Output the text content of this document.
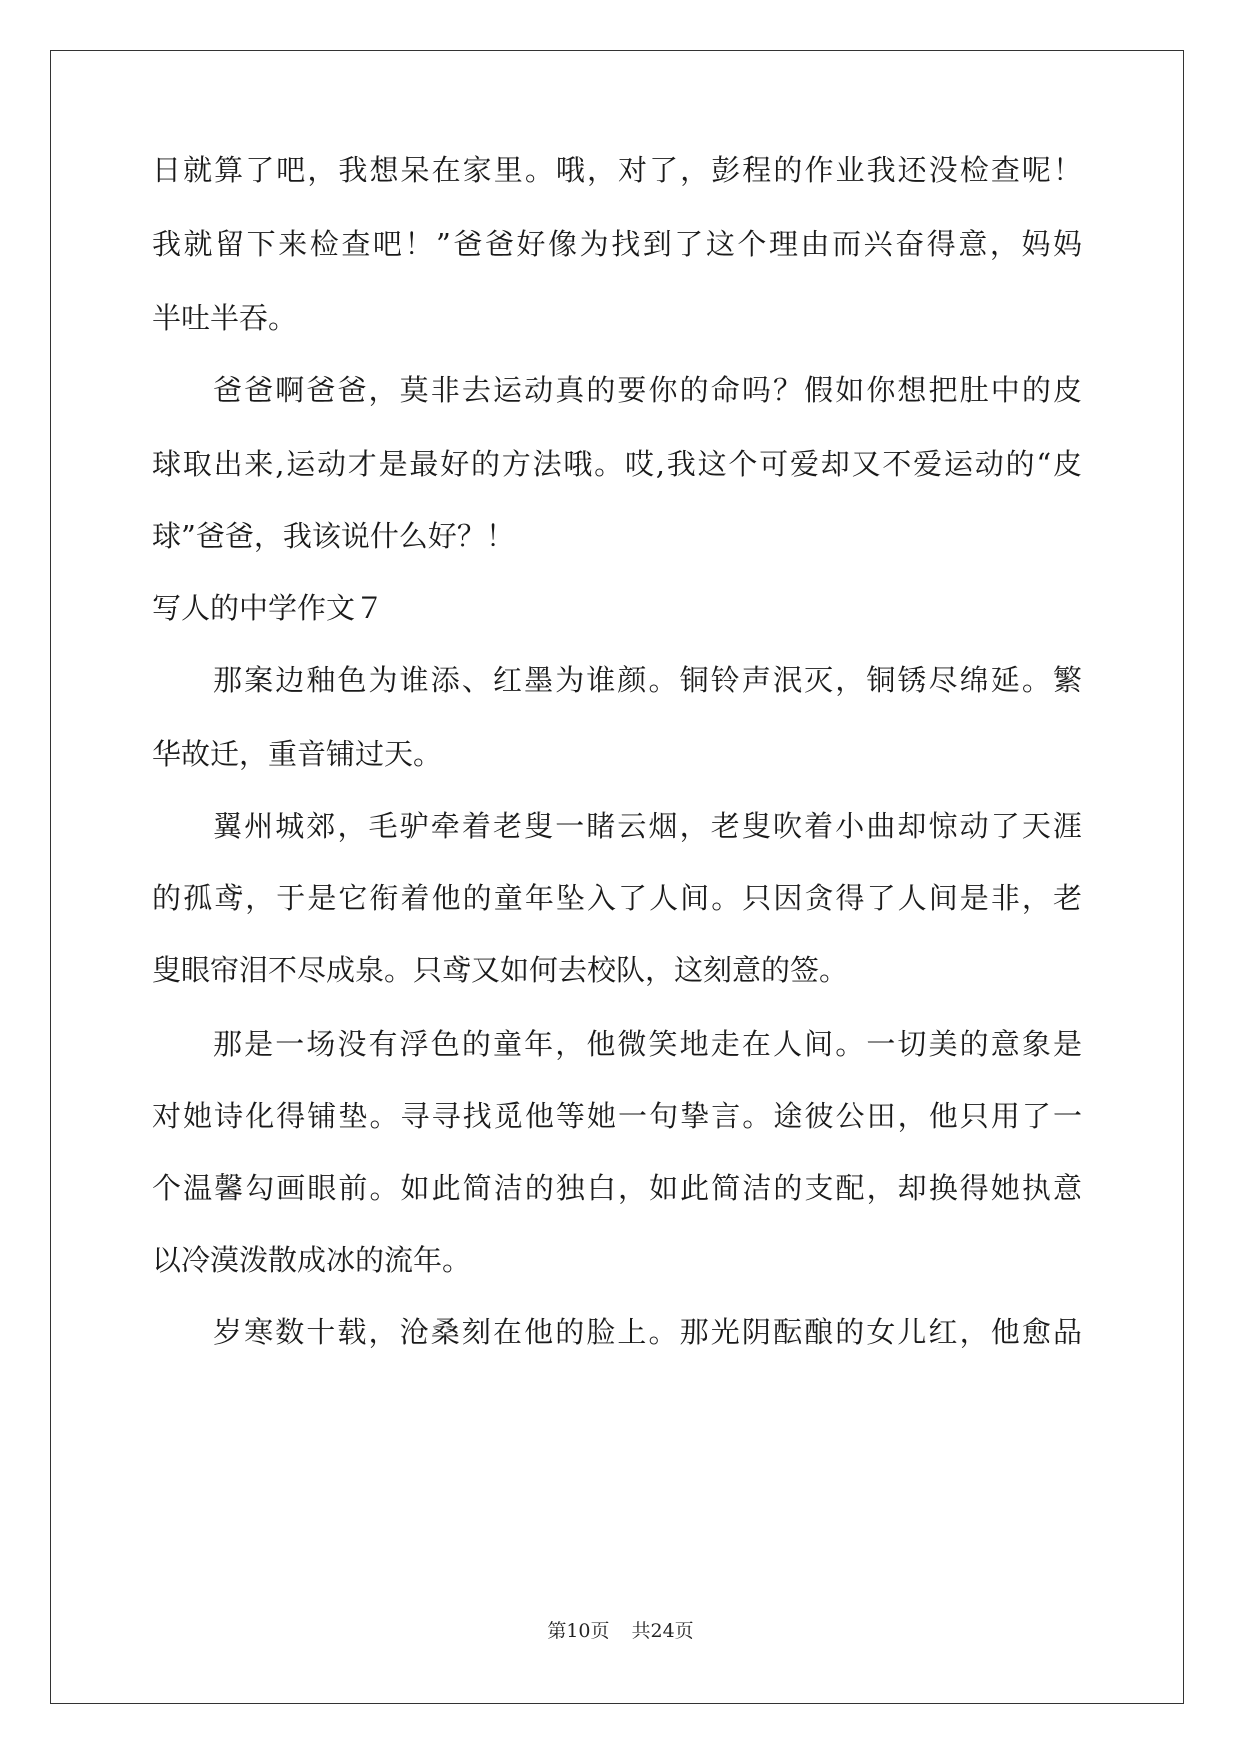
日就算了吧，我想呆在家里。哦，对了，彭程的作业我还没检查呢！
我就留下来检查吧！”爸爸好像为找到了这个理由而兴奋得意，妈妈
半吐半吞。
爸爸啊爸爸，莫非去运动真的要你的命吗？假如你想把肚中的皮
球取出来,运动才是最好的方法哦。哎,我这个可爱却又不爱运动的“皮
球”爸爸，我该说什么好？！
写人的中学作文７
那案边釉色为谁添、红墨为谁颜。铜铃声泯灭，铜锈尽绵延。繁
华故迁，重音铺过天。
翼州城郊，毛驴牵着老叟一睹云烟，老叟吹着小曲却惊动了天涯
的孤鸢，于是它衔着他的童年坠入了人间。只因贪得了人间是非，老
叟眼帘泪不尽成泉。只鸢又如何去校队，这刻意的签。
那是一场没有浮色的童年，他微笑地走在人间。一切美的意象是
对她诗化得铺垫。寻寻找觅他等她一句挚言。途彼公田，他只用了一
个温馨勾画眼前。如此简洁的独白，如此简洁的支配，却换得她执意
以冷漠泼散成冰的流年。
岁寒数十载，沧桑刻在他的脸上。那光阴酝酿的女儿红，他愈品
第10页 共24页
